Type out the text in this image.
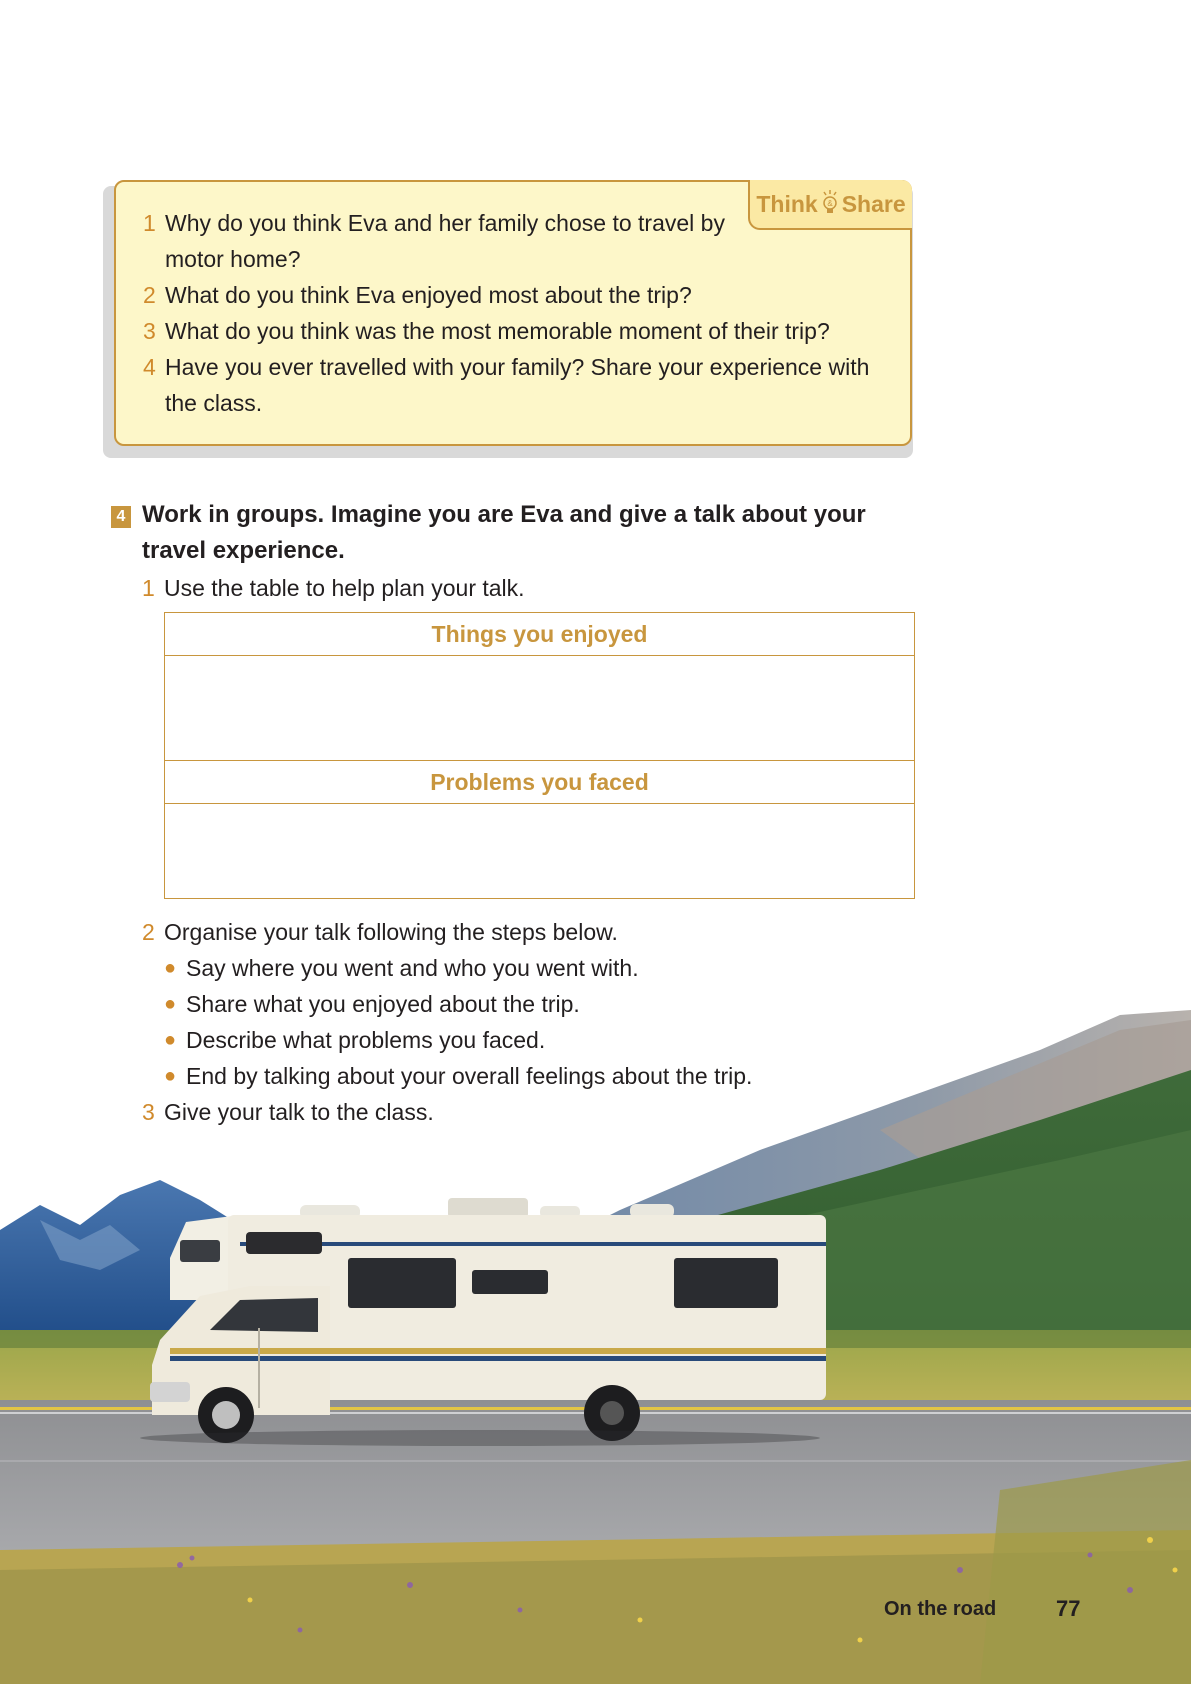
Think & Share
1 Why do you think Eva and her family chose to travel by motor home?
2 What do you think Eva enjoyed most about the trip?
3 What do you think was the most memorable moment of their trip?
4 Have you ever travelled with your family? Share your experience with the class.
4 Work in groups. Imagine you are Eva and give a talk about your travel experience.
1 Use the table to help plan your talk.
Things you enjoyed

Problems you faced

2 Organise your talk following the steps below.
● Say where you went and who you went with.
● Share what you enjoyed about the trip.
● Describe what problems you faced.
● End by talking about your overall feelings about the trip.
3 Give your talk to the class.
On the road	77
